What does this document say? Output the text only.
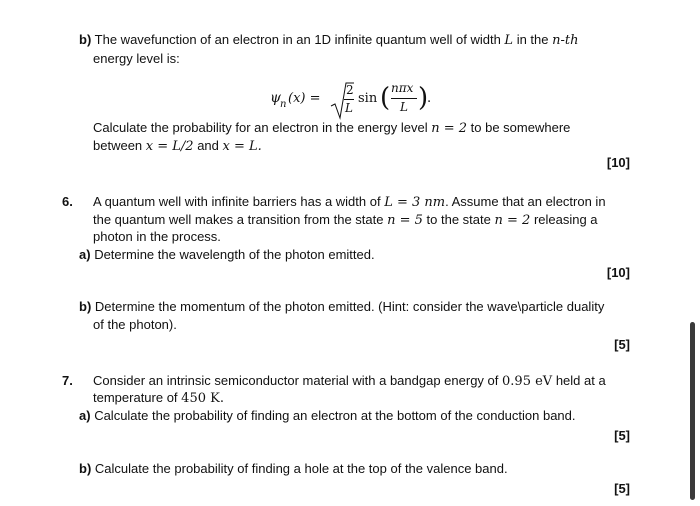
b) The wavefunction of an electron in an 1D infinite quantum well of width L in the n-th
energy level is:
ψ n (x) =
2
L
sin ( nπx
L )
.
Calculate the probability for an electron in the energy level n = 2 to be somewhere
between x = L/2 and x = L.
[10]
6. A quantum well with infinite barriers has a width of L = 3 nm. Assume that an electron in
the quantum well makes a transition from the state n = 5 to the state n = 2 releasing a
photon in the process.
a) Determine the wavelength of the photon emitted.
[10]
b) Determine the momentum of the photon emitted. (Hint: consider the wave\particle duality
of the photon).
[5]
7. Consider an intrinsic semiconductor material with a bandgap energy of 0.95 eV held at a
temperature of 450 K.
a) Calculate the probability of finding an electron at the bottom of the conduction band.
[5]
b) Calculate the probability of finding a hole at the top of the valence band.
[5]
